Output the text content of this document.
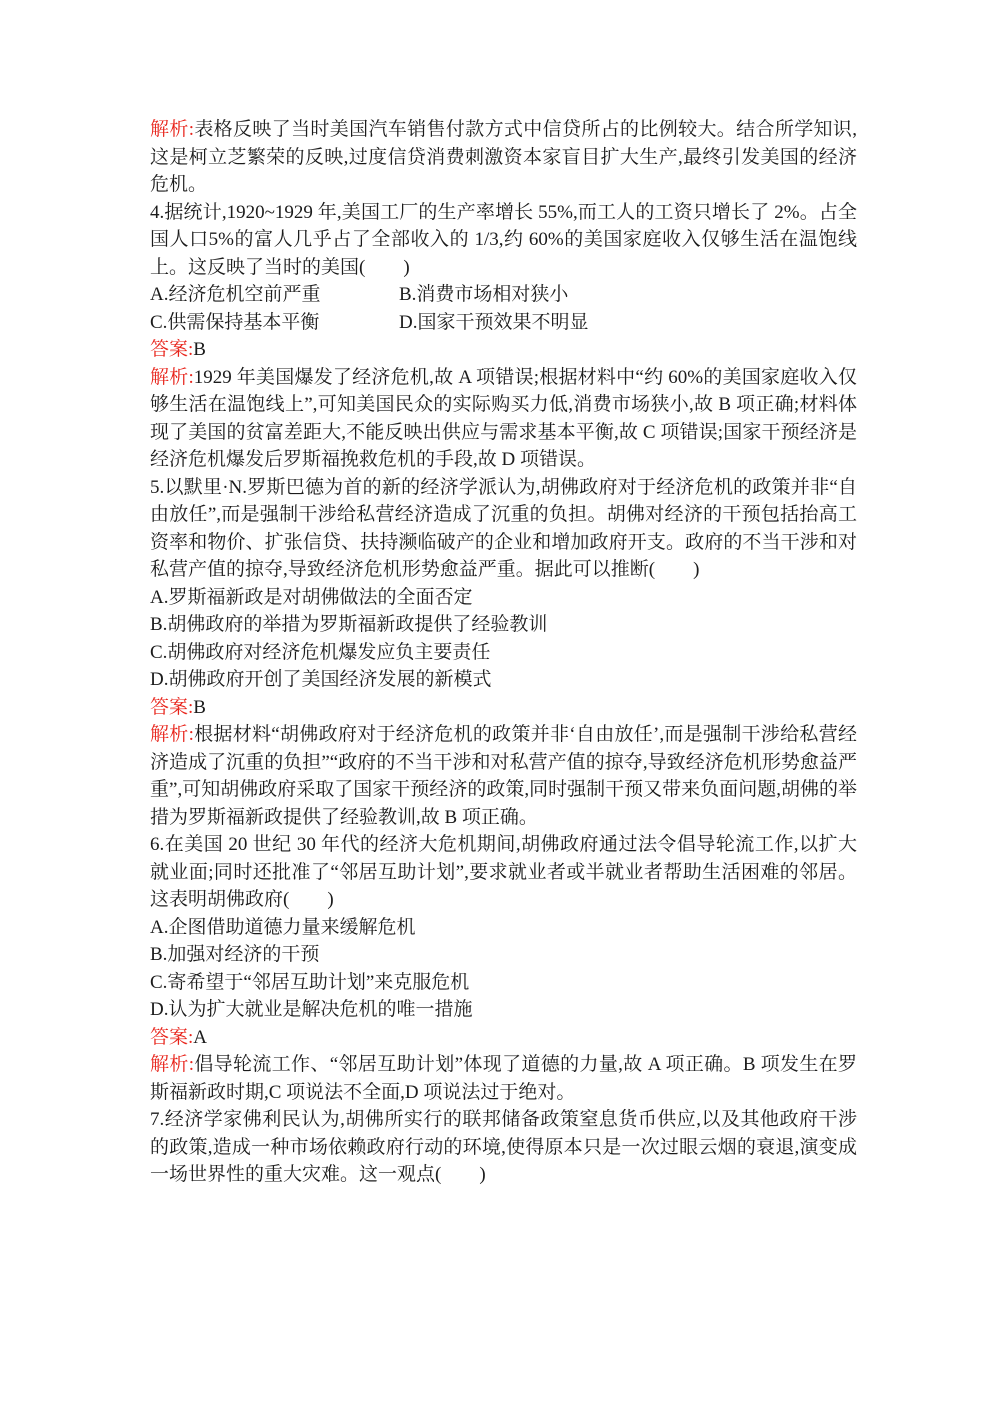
解析:表格反映了当时美国汽车销售付款方式中信贷所占的比例较大。结合所学知识,这是柯立芝繁荣的反映,过度信贷消费刺激资本家盲目扩大生产,最终引发美国的经济危机。

4.据统计,1920~1929 年,美国工厂的生产率增长 55%,而工人的工资只增长了 2%。占全国人口5%的富人几乎占了全部收入的 1/3,约 60%的美国家庭收入仅够生活在温饱线上。这反映了当时的美国(　　)

A.经济危机空前严重	B.消费市场相对狭小
C.供需保持基本平衡	D.国家干预效果不明显

答案:B

解析:1929 年美国爆发了经济危机,故 A 项错误;根据材料中“约 60%的美国家庭收入仅够生活在温饱线上”,可知美国民众的实际购买力低,消费市场狭小,故 B 项正确;材料体现了美国的贫富差距大,不能反映出供应与需求基本平衡,故 C 项错误;国家干预经济是经济危机爆发后罗斯福挽救危机的手段,故 D 项错误。

5.以默里·N.罗斯巴德为首的新的经济学派认为,胡佛政府对于经济危机的政策并非“自由放任”,而是强制干涉给私营经济造成了沉重的负担。胡佛对经济的干预包括抬高工资率和物价、扩张信贷、扶持濒临破产的企业和增加政府开支。政府的不当干涉和对私营产值的掠夺,导致经济危机形势愈益严重。据此可以推断(　　)

A.罗斯福新政是对胡佛做法的全面否定
B.胡佛政府的举措为罗斯福新政提供了经验教训
C.胡佛政府对经济危机爆发应负主要责任
D.胡佛政府开创了美国经济发展的新模式

答案:B

解析:根据材料“胡佛政府对于经济危机的政策并非‘自由放任’,而是强制干涉给私营经济造成了沉重的负担”“政府的不当干涉和对私营产值的掠夺,导致经济危机形势愈益严重”,可知胡佛政府采取了国家干预经济的政策,同时强制干预又带来负面问题,胡佛的举措为罗斯福新政提供了经验教训,故 B 项正确。

6.在美国 20 世纪 30 年代的经济大危机期间,胡佛政府通过法令倡导轮流工作,以扩大就业面;同时还批准了“邻居互助计划”,要求就业者或半就业者帮助生活困难的邻居。这表明胡佛政府(　　)

A.企图借助道德力量来缓解危机
B.加强对经济的干预
C.寄希望于“邻居互助计划”来克服危机
D.认为扩大就业是解决危机的唯一措施

答案:A

解析:倡导轮流工作、“邻居互助计划”体现了道德的力量,故 A 项正确。B 项发生在罗斯福新政时期,C 项说法不全面,D 项说法过于绝对。

7.经济学家佛利民认为,胡佛所实行的联邦储备政策窒息货币供应,以及其他政府干涉的政策,造成一种市场依赖政府行动的环境,使得原本只是一次过眼云烟的衰退,演变成一场世界性的重大灾难。这一观点(　　)
